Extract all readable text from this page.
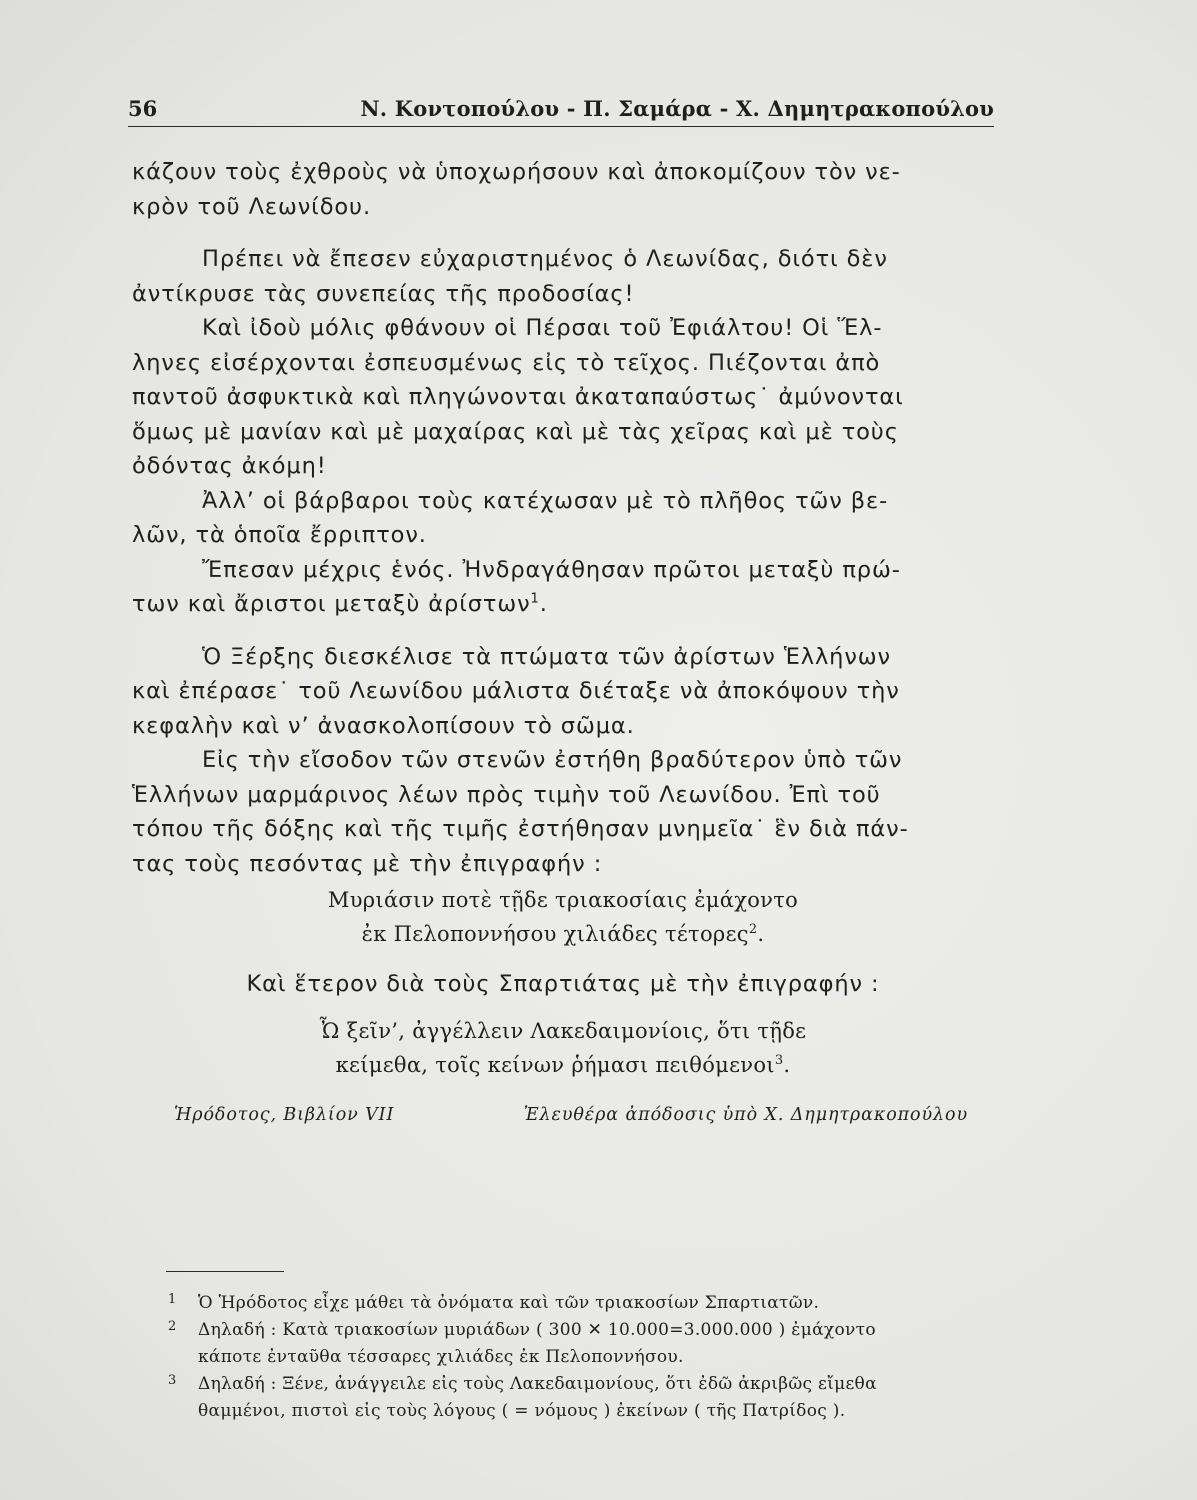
56	Ν. Κοντοπούλου - Π. Σαμάρα - Χ. Δημητρακοπούλου

κάζουν τοὺς ἐχθροὺς νὰ ὑποχωρήσουν καὶ ἀποκομίζουν τὸν νε-
κρὸν τοῦ Λεωνίδου.

Πρέπει νὰ ἔπεσεν εὐχαριστημένος ὁ Λεωνίδας, διότι δὲν
ἀντίκρυσε τὰς συνεπείας τῆς προδοσίας!

Καὶ ἰδοὺ μόλις φθάνουν οἱ Πέρσαι τοῦ Ἐφιάλτου! Οἱ Ἕλ-
ληνες εἰσέρχονται ἐσπευσμένως εἰς τὸ τεῖχος. Πιέζονται ἀπὸ
παντοῦ ἀσφυκτικὰ καὶ πληγώνονται ἀκαταπαύστως˙ ἀμύνονται
ὅμως μὲ μανίαν καὶ μὲ μαχαίρας καὶ μὲ τὰς χεῖρας καὶ μὲ τοὺς
ὀδόντας ἀκόμη!

Ἀλλ’ οἱ βάρβαροι τοὺς κατέχωσαν μὲ τὸ πλῆθος τῶν βε-
λῶν, τὰ ὁποῖα ἔρριπτον.

Ἔπεσαν μέχρις ἑνός. Ἠνδραγάθησαν πρῶτοι μεταξὺ πρώ-
των καὶ ἄριστοι μεταξὺ ἀρίστων$^1$.

Ὁ Ξέρξης διεσκέλισε τὰ πτώματα τῶν ἀρίστων Ἑλλήνων
καὶ ἐπέρασε˙ τοῦ Λεωνίδου μάλιστα διέταξε νὰ ἀποκόψουν τὴν
κεφαλὴν καὶ ν’ ἀνασκολοπίσουν τὸ σῶμα.

Εἰς τὴν εἴσοδον τῶν στενῶν ἐστήθη βραδύτερον ὑπὸ τῶν
Ἑλλήνων μαρμάρινος λέων πρὸς τιμὴν τοῦ Λεωνίδου. Ἐπὶ τοῦ
τόπου τῆς δόξης καὶ τῆς τιμῆς ἐστήθησαν μνημεῖα˙ ἓν διὰ πάν-
τας τοὺς πεσόντας μὲ τὴν ἐπιγραφήν :

Μυριάσιν ποτὲ τῇδε τριακοσίαις ἐμάχοντο

ἐκ Πελοποννήσου χιλιάδες τέτορες$^2$.

Καὶ ἕτερον διὰ τοὺς Σπαρτιάτας μὲ τὴν ἐπιγραφήν :

Ὦ ξεῖν’, ἀγγέλλειν Λακεδαιμονίοις, ὅτι τῇδε

κείμεθα, τοῖς κείνων ῥήμασι πειθόμενοι$^3$.

Ἡρόδοτος, Βιβλίον VII	Ἐλευθέρα ἀπόδοσις ὑπὸ Χ. Δημητρακοπούλου
1	Ὁ Ἡρόδοτος εἶχε μάθει τὰ ὀνόματα καὶ τῶν τριακοσίων Σπαρτιατῶν.
2	Δηλαδή : Κατὰ τριακοσίων μυριάδων ( 300 ✕ 10.000=3.000.000 ) ἐμάχοντο
κάποτε ἐνταῦθα τέσσαρες χιλιάδες ἐκ Πελοποννήσου.
3	Δηλαδή : Ξένε, ἀνάγγειλε εἰς τοὺς Λακεδαιμονίους, ὅτι ἐδῶ ἀκριβῶς εἴμεθα
θαμμένοι, πιστοὶ εἰς τοὺς λόγους ( = νόμους ) ἐκείνων ( τῆς Πατρίδος ).
